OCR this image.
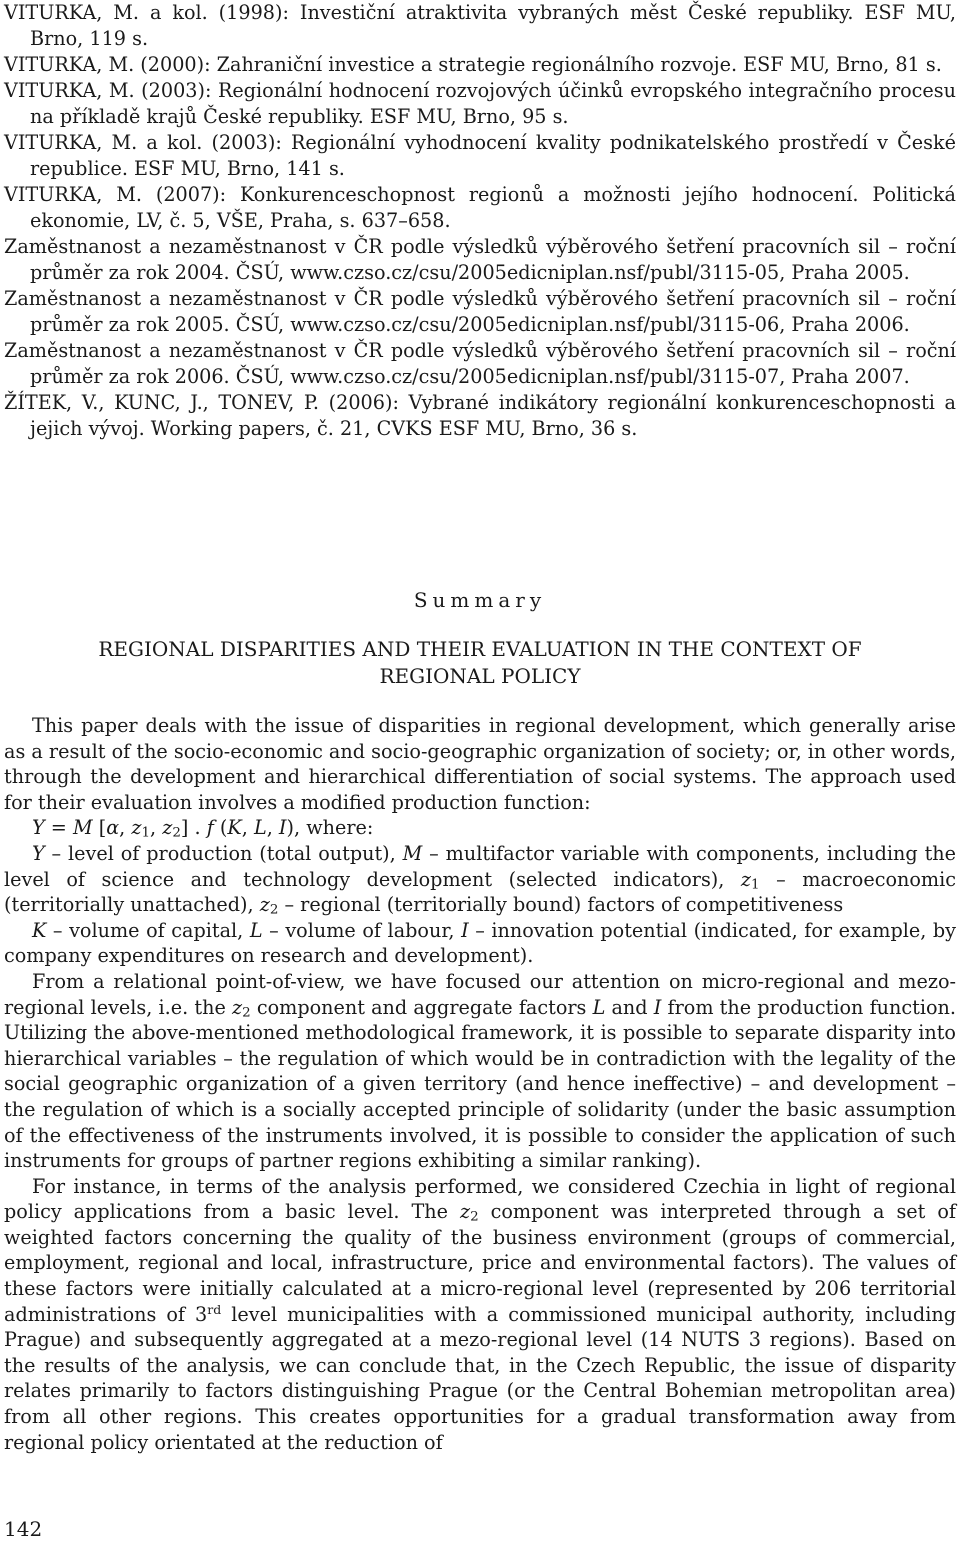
VITURKA, M. a kol. (1998): Investiční atraktivita vybraných měst České republiky. ESF MU, Brno, 119 s.

VITURKA, M. (2000): Zahraniční investice a strategie regionálního rozvoje. ESF MU, Brno, 81 s.

VITURKA, M. (2003): Regionální hodnocení rozvojových účinků evropského integračního procesu na příkladě krajů České republiky. ESF MU, Brno, 95 s.

VITURKA, M. a kol. (2003): Regionální vyhodnocení kvality podnikatelského prostředí v České republice. ESF MU, Brno, 141 s.

VITURKA, M. (2007): Konkurenceschopnost regionů a možnosti jejího hodnocení. Politická ekonomie, LV, č. 5, VŠE, Praha, s. 637–658.

Zaměstnanost a nezaměstnanost v ČR podle výsledků výběrového šetření pracovních sil – roční průměr za rok 2004. ČSÚ, www.czso.cz/csu/2005edicniplan.nsf/publ/3115-05, Praha 2005.

Zaměstnanost a nezaměstnanost v ČR podle výsledků výběrového šetření pracovních sil – roční průměr za rok 2005. ČSÚ, www.czso.cz/csu/2005edicniplan.nsf/publ/3115-06, Praha 2006.

Zaměstnanost a nezaměstnanost v ČR podle výsledků výběrového šetření pracovních sil – roční průměr za rok 2006. ČSÚ, www.czso.cz/csu/2005edicniplan.nsf/publ/3115-07, Praha 2007.

ŽÍTEK, V., KUNC, J., TONEV, P. (2006): Vybrané indikátory regionální konkurenceschopnosti a jejich vývoj. Working papers, č. 21, CVKS ESF MU, Brno, 36 s.

Summary

REGIONAL DISPARITIES AND THEIR EVALUATION IN THE CONTEXT OF
REGIONAL POLICY

This paper deals with the issue of disparities in regional development, which generally arise as a result of the socio-economic and socio-geographic organization of society; or, in other words, through the development and hierarchical differentiation of social systems. The approach used for their evaluation involves a modified production function:

Y = M [α, $z_1$, $z_2$] . f (K, L, I), where:

Y – level of production (total output), M – multifactor variable with components, including the level of science and technology development (selected indicators), $z_1$ – macroeconomic (territorially unattached), $z_2$ – regional (territorially bound) factors of competitiveness

K – volume of capital, L – volume of labour, I – innovation potential (indicated, for example, by company expenditures on research and development).

From a relational point-of-view, we have focused our attention on micro-regional and mezo-regional levels, i.e. the $z_2$ component and aggregate factors L and I from the production function. Utilizing the above-mentioned methodological framework, it is possible to separate disparity into hierarchical variables – the regulation of which would be in contradiction with the legality of the social geographic organization of a given territory (and hence ineffective) – and development – the regulation of which is a socially accepted principle of solidarity (under the basic assumption of the effectiveness of the instruments involved, it is possible to consider the application of such instruments for groups of partner regions exhibiting a similar ranking).

For instance, in terms of the analysis performed, we considered Czechia in light of regional policy applications from a basic level. The $z_2$ component was interpreted through a set of weighted factors concerning the quality of the business environment (groups of commercial, employment, regional and local, infrastructure, price and environmental factors). The values of these factors were initially calculated at a micro-regional level (represented by 206 territorial administrations of 3rd level municipalities with a commissioned municipal authority, including Prague) and subsequently aggregated at a mezo-regional level (14 NUTS 3 regions). Based on the results of the analysis, we can conclude that, in the Czech Republic, the issue of disparity relates primarily to factors distinguishing Prague (or the Central Bohemian metropolitan area) from all other regions. This creates opportunities for a gradual transformation away from regional policy orientated at the reduction of

142
